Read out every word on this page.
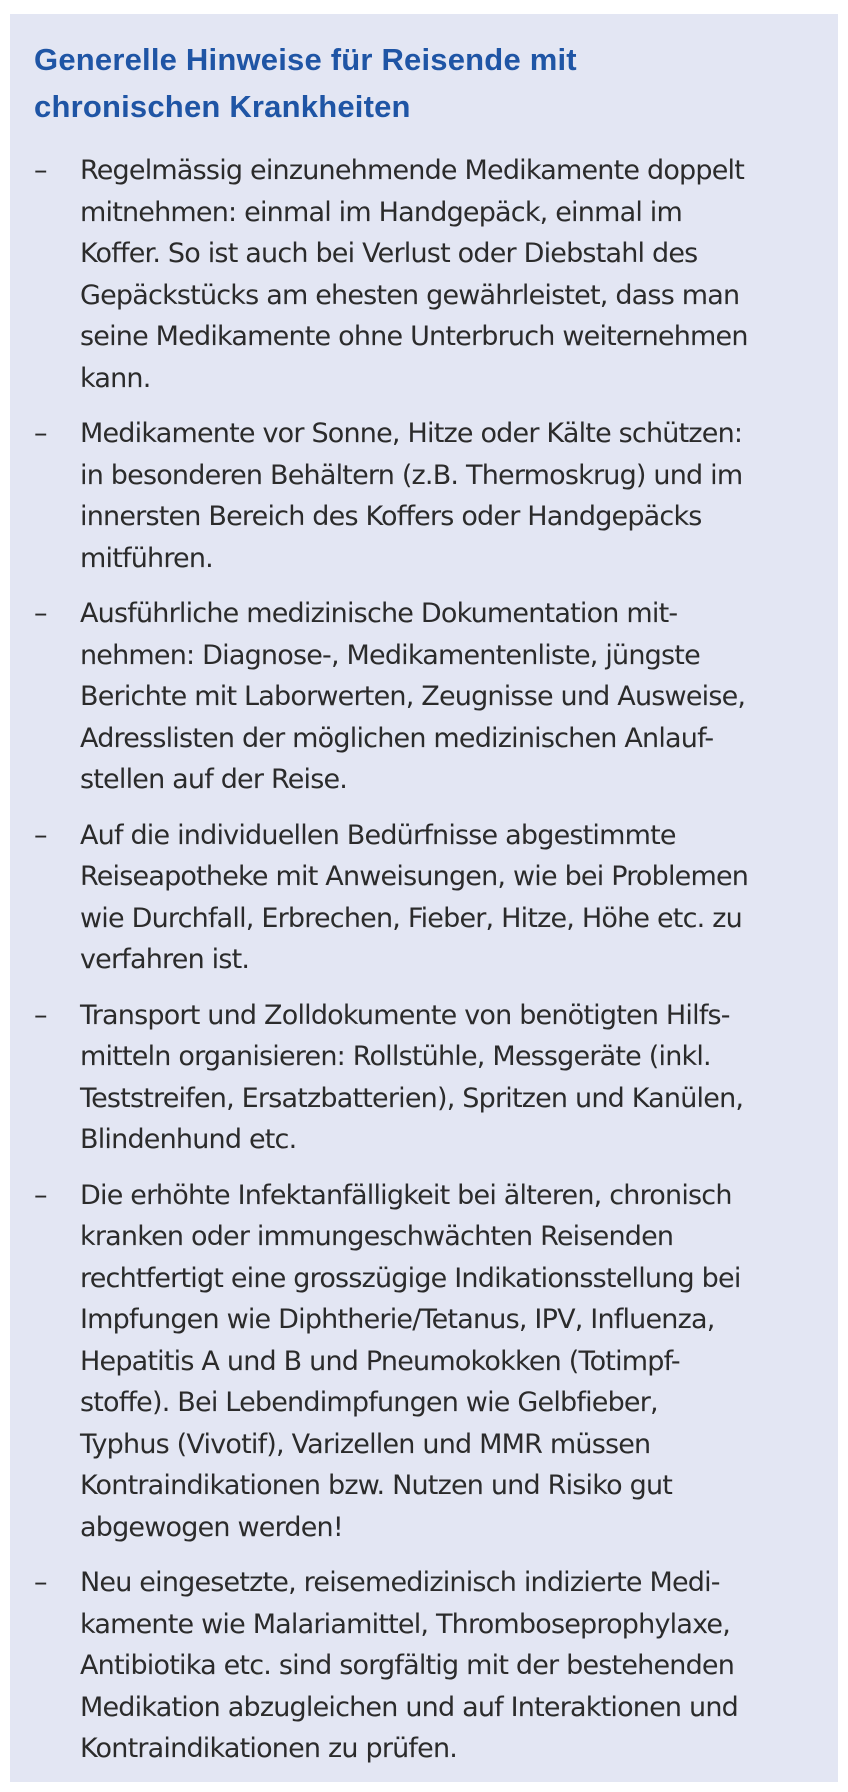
Generelle Hinweise für Reisende mit
chronischen Krankheiten
– Regelmässig einzunehmende Medikamente doppelt
mitnehmen: einmal im Handgepäck, einmal im
Koffer. So ist auch bei Verlust oder Diebstahl des
Gepäckstücks am ehesten gewährleistet, dass man
seine Medikamente ohne Unterbruch weiternehmen
kann.
– Medikamente vor Sonne, Hitze oder Kälte schützen:
in besonderen Behältern (z.B. Thermoskrug) und im
innersten Bereich des Koffers oder Handgepäcks
mitführen.
– Ausführliche medizinische Dokumentation mit-
nehmen: Diagnose-, Medikamentenliste, jüngste
Berichte mit Laborwerten, Zeugnisse und Ausweise,
Adresslisten der möglichen medizinischen Anlauf-
stellen auf der Reise.
– Auf die individuellen Bedürfnisse abgestimmte
Reiseapotheke mit Anweisungen, wie bei Problemen
wie Durchfall, Erbrechen, Fieber, Hitze, Höhe etc. zu
verfahren ist.
– Transport und Zolldokumente von benötigten Hilfs-
mitteln organisieren: Rollstühle, Messgeräte (inkl.
Teststreifen, Ersatzbatterien), Spritzen und Kanülen,
Blindenhund etc.
– Die erhöhte Infektanfälligkeit bei älteren, chronisch
kranken oder immungeschwächten Reisenden
rechtfertigt eine grosszügige Indikationsstellung bei
Impfungen wie Diphtherie/Tetanus, IPV, Influenza,
Hepatitis A und B und Pneumokokken (Totimpf-
stoffe). Bei Lebendimpfungen wie Gelbfieber,
Typhus (Vivotif), Varizellen und MMR müssen
Kontraindikationen bzw. Nutzen und Risiko gut
abgewogen werden!
– Neu eingesetzte, reisemedizinisch indizierte Medi-
kamente wie Malariamittel, Thromboseprophylaxe,
Antibiotika etc. sind sorgfältig mit der bestehenden
Medikation abzugleichen und auf Interaktionen und
Kontraindikationen zu prüfen.
